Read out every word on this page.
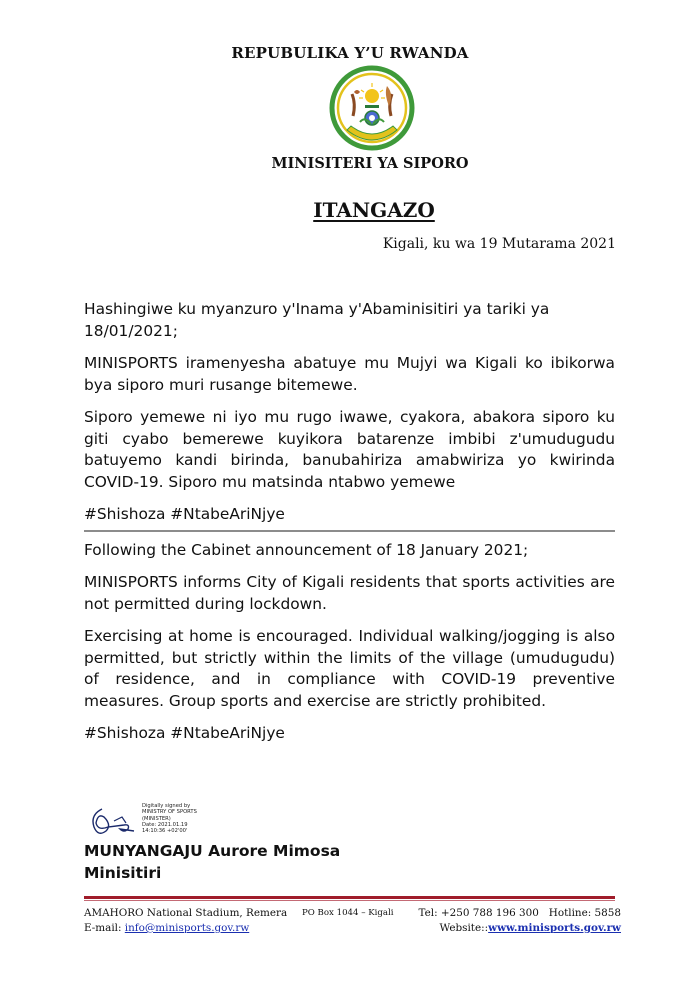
REPUBULIKA Y’U RWANDA
MINISITERI YA SIPORO
ITANGAZO
Kigali, ku wa 19 Mutarama 2021

Hashingiwe ku myanzuro y'Inama y'Abaminisitiri ya tariki ya 18/01/2021;

MINISPORTS iramenyesha abatuye mu Mujyi wa Kigali ko ibikorwa bya siporo muri rusange bitemewe.

Siporo yemewe ni iyo mu rugo iwawe, cyakora, abakora siporo ku giti cyabo bemerewe kuyikora batarenze imbibi z'umudugudu batuyemo kandi birinda, banubahiriza amabwiriza yo kwirinda COVID-19. Siporo mu matsinda ntabwo yemewe

#Shishoza #NtabeAriNjye

Following the Cabinet announcement of 18 January 2021;

MINISPORTS informs City of Kigali residents that sports activities are not permitted during lockdown.

Exercising at home is encouraged. Individual walking/jogging is also permitted, but strictly within the limits of the village (umudugudu) of residence, and in compliance with COVID-19 preventive measures. Group sports and exercise are strictly prohibited.

#Shishoza #NtabeAriNjye

Digitally signed by
MINISTRY OF SPORTS
(MINISTER)
Date: 2021.01.19
14:10:36 +02'00'
MUNYANGAJU Aurore Mimosa
Minisitiri
AMAHORO National Stadium, Remera
E-mail: info@minisports.gov.rw
PO Box 1044 – Kigali	Tel: +250 788 196 300   Hotline: 5858
Website::www.minisports.gov.rw
